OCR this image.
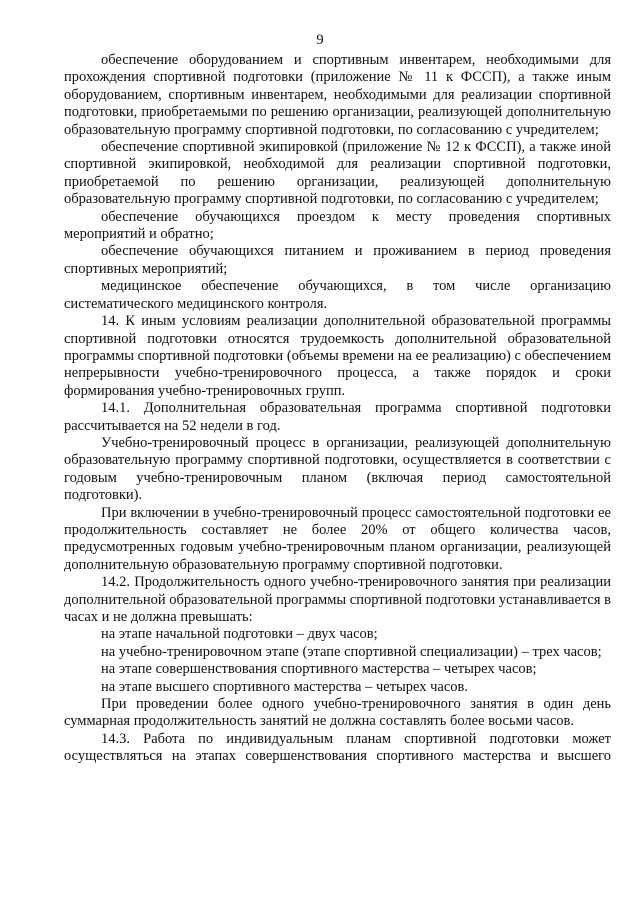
9

обеспечение оборудованием и спортивным инвентарем, необходимыми для прохождения спортивной подготовки (приложение № 11 к ФССП), а также иным оборудованием, спортивным инвентарем, необходимыми для реализации спортивной подготовки, приобретаемыми по решению организации, реализующей дополнительную образовательную программу спортивной подготовки, по согласованию с учредителем;

обеспечение спортивной экипировкой (приложение № 12 к ФССП), а также иной спортивной экипировкой, необходимой для реализации спортивной подготовки, приобретаемой по решению организации, реализующей дополнительную образовательную программу спортивной подготовки, по согласованию с учредителем;

обеспечение обучающихся проездом к месту проведения спортивных мероприятий и обратно;

обеспечение обучающихся питанием и проживанием в период проведения спортивных мероприятий;

медицинское обеспечение обучающихся, в том числе организацию систематического медицинского контроля.

14. К иным условиям реализации дополнительной образовательной программы спортивной подготовки относятся трудоемкость дополнительной образовательной программы спортивной подготовки (объемы времени на ее реализацию) с обеспечением непрерывности учебно-тренировочного процесса, а также порядок и сроки формирования учебно-тренировочных групп.

14.1. Дополнительная образовательная программа спортивной подготовки рассчитывается на 52 недели в год.

Учебно-тренировочный процесс в организации, реализующей дополнительную образовательную программу спортивной подготовки, осуществляется в соответствии с годовым учебно-тренировочным планом (включая период самостоятельной подготовки).

При включении в учебно-тренировочный процесс самостоятельной подготовки ее продолжительность составляет не более 20% от общего количества часов, предусмотренных годовым учебно-тренировочным планом организации, реализующей дополнительную образовательную программу спортивной подготовки.

14.2. Продолжительность одного учебно-тренировочного занятия при реализации дополнительной образовательной программы спортивной подготовки устанавливается в часах и не должна превышать:

на этапе начальной подготовки – двух часов;

на учебно-тренировочном этапе (этапе спортивной специализации) – трех часов;

на этапе совершенствования спортивного мастерства – четырех часов;

на этапе высшего спортивного мастерства – четырех часов.

При проведении более одного учебно-тренировочного занятия в один день суммарная продолжительность занятий не должна составлять более восьми часов.

14.3. Работа по индивидуальным планам спортивной подготовки может осуществляться на этапах совершенствования спортивного мастерства и высшего
